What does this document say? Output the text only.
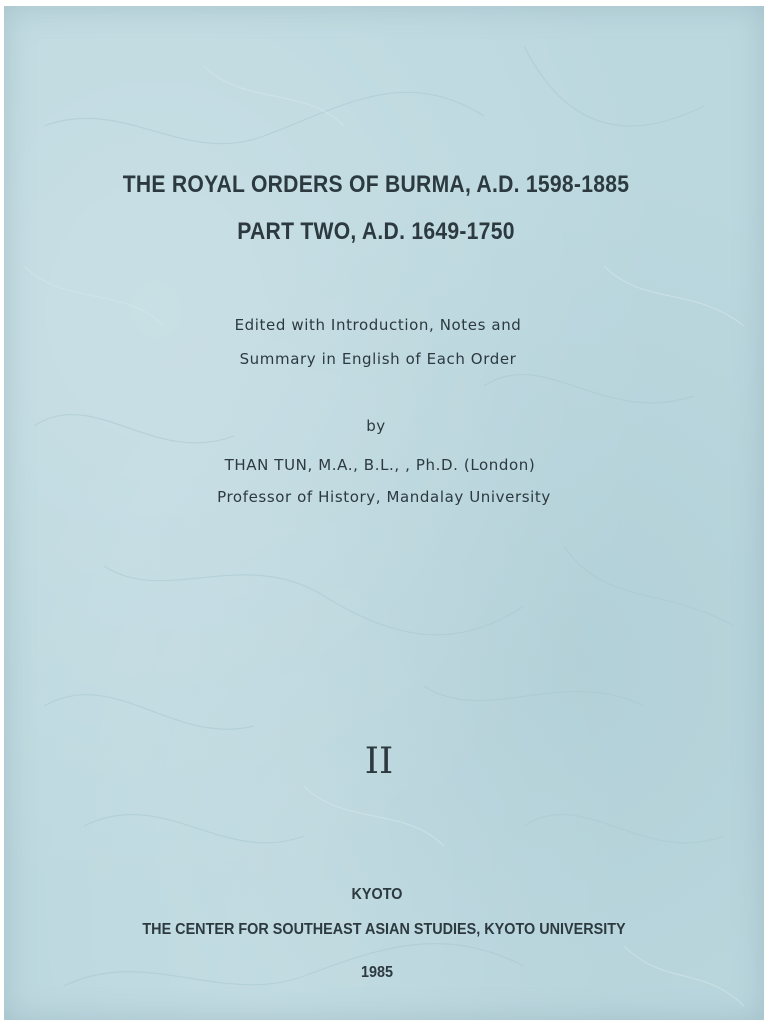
THE ROYAL ORDERS OF BURMA, A.D. 1598-1885
PART TWO, A.D. 1649-1750
Edited with Introduction, Notes and
Summary in English of Each Order
by
THAN TUN, M.A., B.L., , Ph.D. (London)
Professor of History, Mandalay University
II
KYOTO
THE CENTER FOR SOUTHEAST ASIAN STUDIES, KYOTO UNIVERSITY
1985
